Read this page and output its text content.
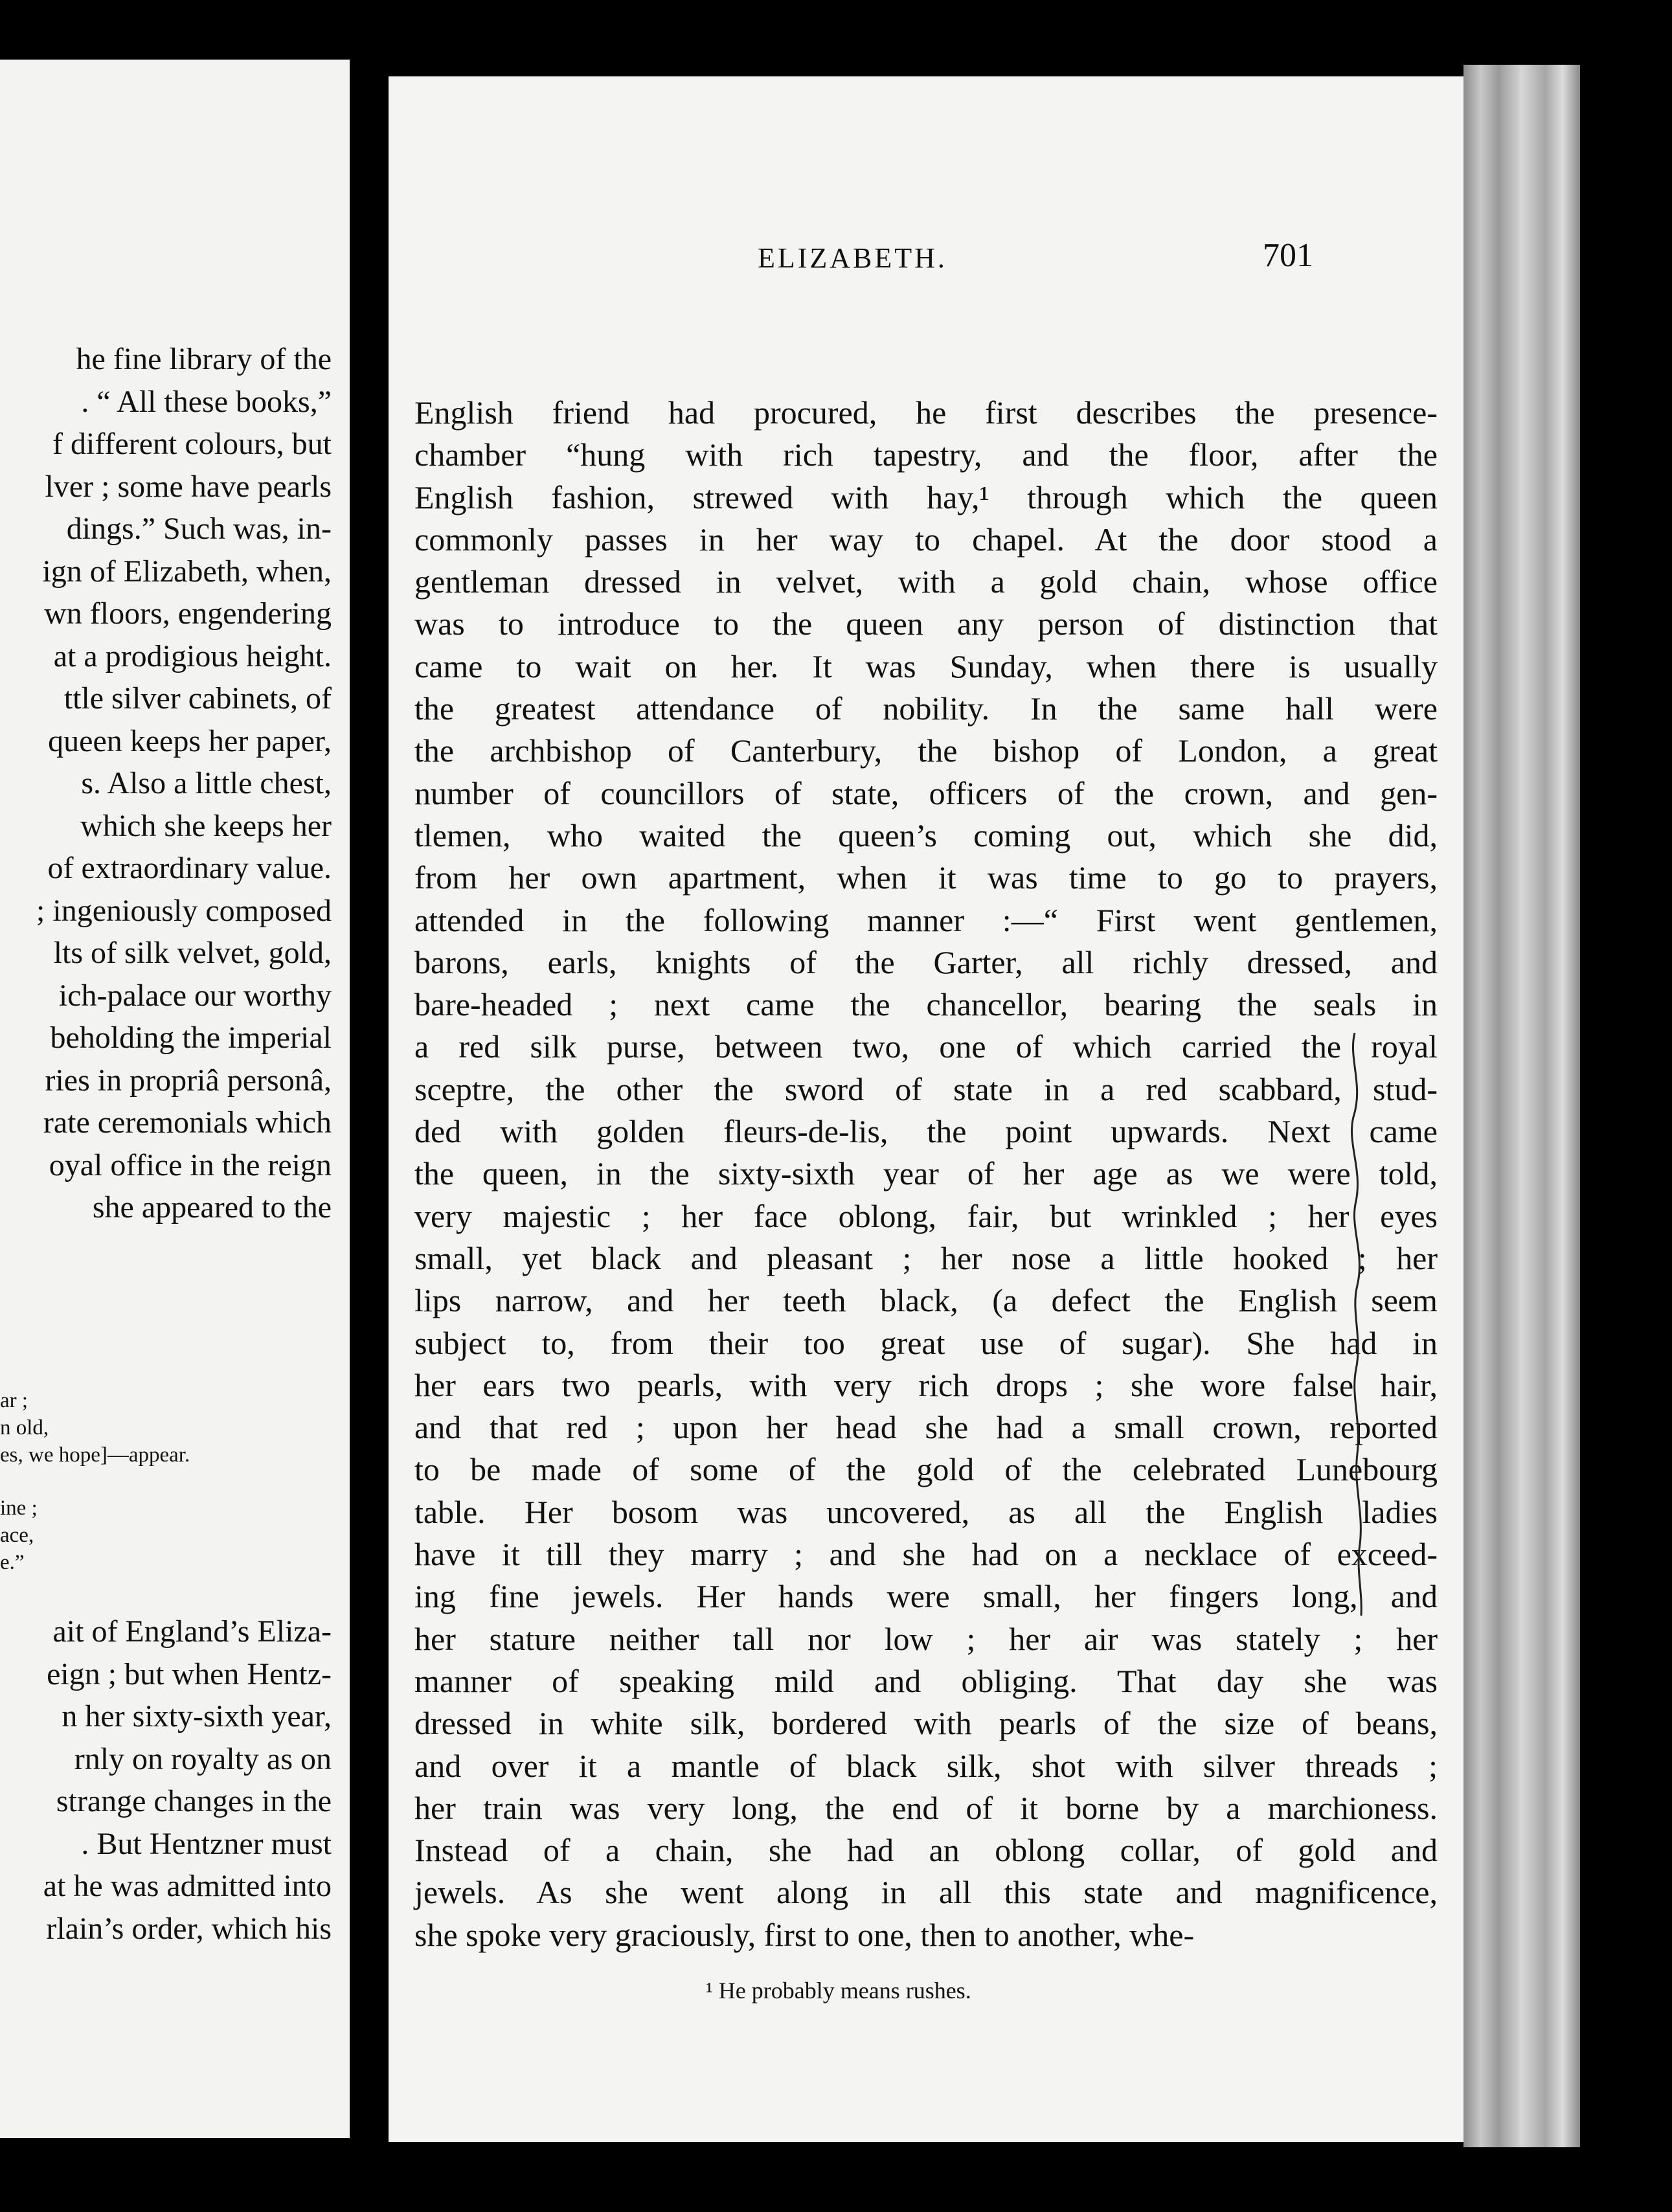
he fine library of the
. “ All these books,”
f different colours, but
lver ; some have pearls
dings.” Such was, in-
ign of Elizabeth, when,
wn floors, engendering
at a prodigious height.
ttle silver cabinets, of
queen keeps her paper,
s. Also a little chest,
which she keeps her
of extraordinary value.
; ingeniously composed
lts of silk velvet, gold,
ich-palace our worthy
beholding the imperial
ries in propriâ personâ,
rate ceremonials which
oyal office in the reign
she appeared to the
ar ;
n old,
es, we hope]—appear.
ine ;
ace,
e.”
ait of England’s Eliza-
eign ; but when Hentz-
n her sixty-sixth year,
rnly on royalty as on
strange changes in the
. But Hentzner must
at he was admitted into
rlain’s order, which his
ELIZABETH.	701
English friend had procured, he first describes the presence-
chamber “hung with rich tapestry, and the floor, after the
English fashion, strewed with hay,¹ through which the queen
commonly passes in her way to chapel. At the door stood a
gentleman dressed in velvet, with a gold chain, whose office
was to introduce to the queen any person of distinction that
came to wait on her. It was Sunday, when there is usually
the greatest attendance of nobility. In the same hall were
the archbishop of Canterbury, the bishop of London, a great
number of councillors of state, officers of the crown, and gen-
tlemen, who waited the queen’s coming out, which she did,
from her own apartment, when it was time to go to prayers,
attended in the following manner :—“ First went gentlemen,
barons, earls, knights of the Garter, all richly dressed, and
bare-headed ; next came the chancellor, bearing the seals in
a red silk purse, between two, one of which carried the royal
sceptre, the other the sword of state in a red scabbard, stud-
ded with golden fleurs-de-lis, the point upwards. Next came
the queen, in the sixty-sixth year of her age as we were told,
very majestic ; her face oblong, fair, but wrinkled ; her eyes
small, yet black and pleasant ; her nose a little hooked ; her
lips narrow, and her teeth black, (a defect the English seem
subject to, from their too great use of sugar). She had in
her ears two pearls, with very rich drops ; she wore false hair,
and that red ; upon her head she had a small crown, reported
to be made of some of the gold of the celebrated Lunebourg
table. Her bosom was uncovered, as all the English ladies
have it till they marry ; and she had on a necklace of exceed-
ing fine jewels. Her hands were small, her fingers long, and
her stature neither tall nor low ; her air was stately ; her
manner of speaking mild and obliging. That day she was
dressed in white silk, bordered with pearls of the size of beans,
and over it a mantle of black silk, shot with silver threads ;
her train was very long, the end of it borne by a marchioness.
Instead of a chain, she had an oblong collar, of gold and
jewels. As she went along in all this state and magnificence,
she spoke very graciously, first to one, then to another, whe-
¹ He probably means rushes.
